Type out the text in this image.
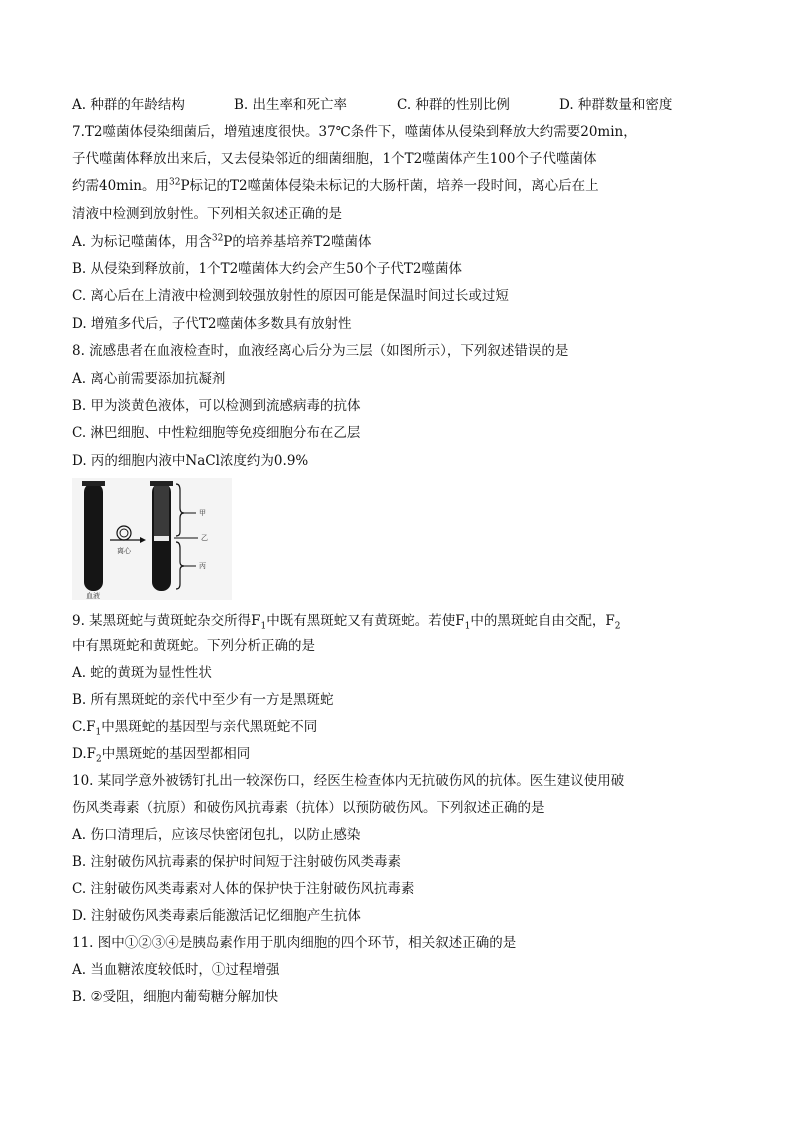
A. 种群的年龄结构	B. 出生率和死亡率	C. 种群的性别比例	D. 种群数量和密度
7.T2噬菌体侵染细菌后，增殖速度很快。37℃条件下，噬菌体从侵染到释放大约需要20min，
子代噬菌体释放出来后，又去侵染邻近的细菌细胞，1个T2噬菌体产生100个子代噬菌体
约需40min。用$^{32}$P标记的T2噬菌体侵染未标记的大肠杆菌，培养一段时间，离心后在上
清液中检测到放射性。下列相关叙述正确的是
A. 为标记噬菌体，用含$^{32}$P的培养基培养T2噬菌体
B. 从侵染到释放前，1个T2噬菌体大约会产生50个子代T2噬菌体
C. 离心后在上清液中检测到较强放射性的原因可能是保温时间过长或过短
D. 增殖多代后，子代T2噬菌体多数具有放射性
8. 流感患者在血液检查时，血液经离心后分为三层（如图所示），下列叙述错误的是
A. 离心前需要添加抗凝剂
B. 甲为淡黄色液体，可以检测到流感病毒的抗体
C. 淋巴细胞、中性粒细胞等免疫细胞分布在乙层
D. 丙的细胞内液中NaCl浓度约为0.9%
血液
离心
甲
乙
丙
9. 某黑斑蛇与黄斑蛇杂交所得$F_1$中既有黑斑蛇又有黄斑蛇。若使$F_1$中的黑斑蛇自由交配，$F_2$
中有黑斑蛇和黄斑蛇。下列分析正确的是
A. 蛇的黄斑为显性性状
B. 所有黑斑蛇的亲代中至少有一方是黑斑蛇
$C.F_1$中黑斑蛇的基因型与亲代黑斑蛇不同
$D.F_2$中黑斑蛇的基因型都相同
10. 某同学意外被锈钉扎出一较深伤口，经医生检查体内无抗破伤风的抗体。医生建议使用破
伤风类毒素（抗原）和破伤风抗毒素（抗体）以预防破伤风。下列叙述正确的是
A. 伤口清理后，应该尽快密闭包扎，以防止感染
B. 注射破伤风抗毒素的保护时间短于注射破伤风类毒素
C. 注射破伤风类毒素对人体的保护快于注射破伤风抗毒素
D. 注射破伤风类毒素后能激活记忆细胞产生抗体
11. 图中①②③④是胰岛素作用于肌肉细胞的四个环节，相关叙述正确的是
A. 当血糖浓度较低时，①过程增强
B. ②受阻，细胞内葡萄糖分解加快
